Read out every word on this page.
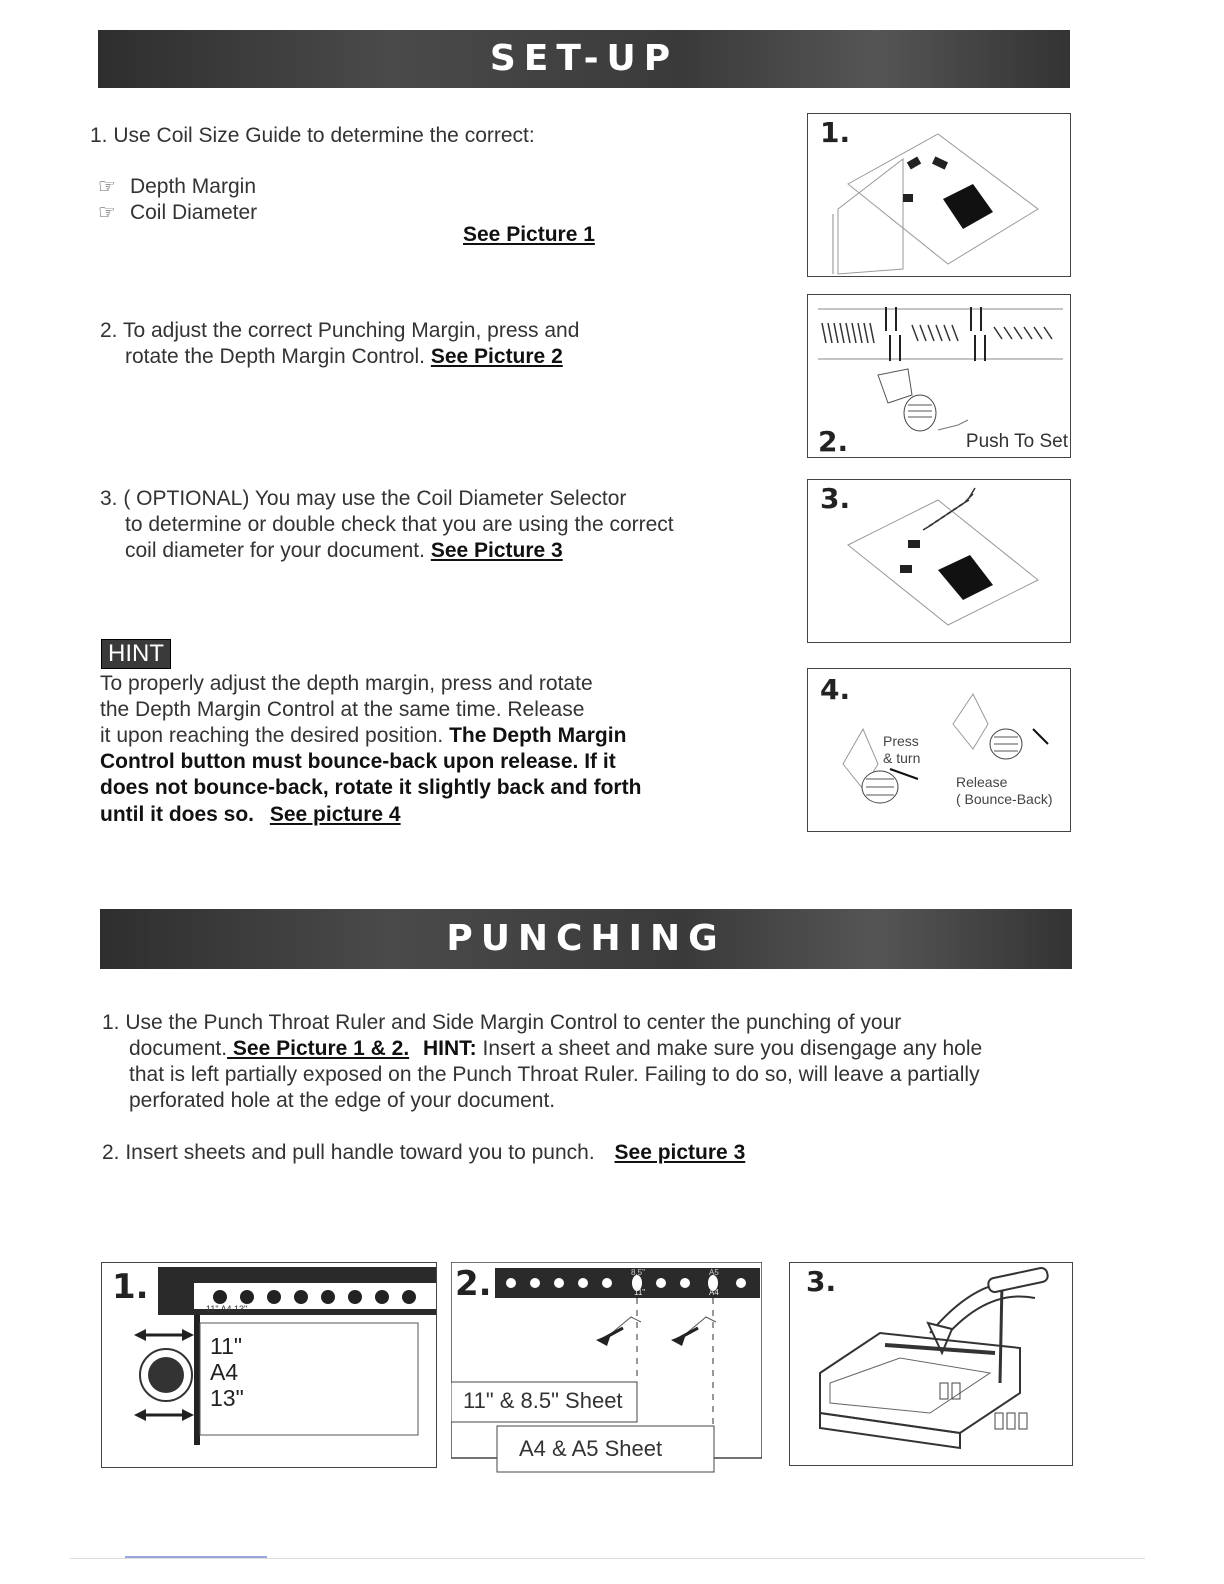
SET-UP
1. Use Coil Size Guide to determine the correct:
☞ Depth Margin
☞ Coil Diameter
See Picture 1
2. To adjust the correct Punching Margin, press and
rotate the Depth Margin Control. See Picture 2
3. ( OPTIONAL) You may use the Coil Diameter Selector
to determine or double check that you are using the correct
coil diameter for your document. See Picture 3
HINT
To properly adjust the depth margin, press and rotate
the Depth Margin Control at the same time. Release
it upon reaching the desired position. The Depth Margin
Control button must bounce-back upon release. If it
does not bounce-back, rotate it slightly back and forth
until it does so. See picture 4
1.
2.	Push To Set
3.
4.
Press
& turn
Release
( Bounce-Back)
PUNCHING
1. Use the Punch Throat Ruler and Side Margin Control to center the punching of your
document. See Picture 1 & 2. HINT: Insert a sheet and make sure you disengage any hole
that is left partially exposed on the Punch Throat Ruler. Failing to do so, will leave a partially
perforated hole at the edge of your document.
2. Insert sheets and pull handle toward you to punch. See picture 3
1.
11" A4 13"
11"
A4
13"
2.	8.5"
11"
A5
A4
11" & 8.5" Sheet
A4 & A5 Sheet
3.
